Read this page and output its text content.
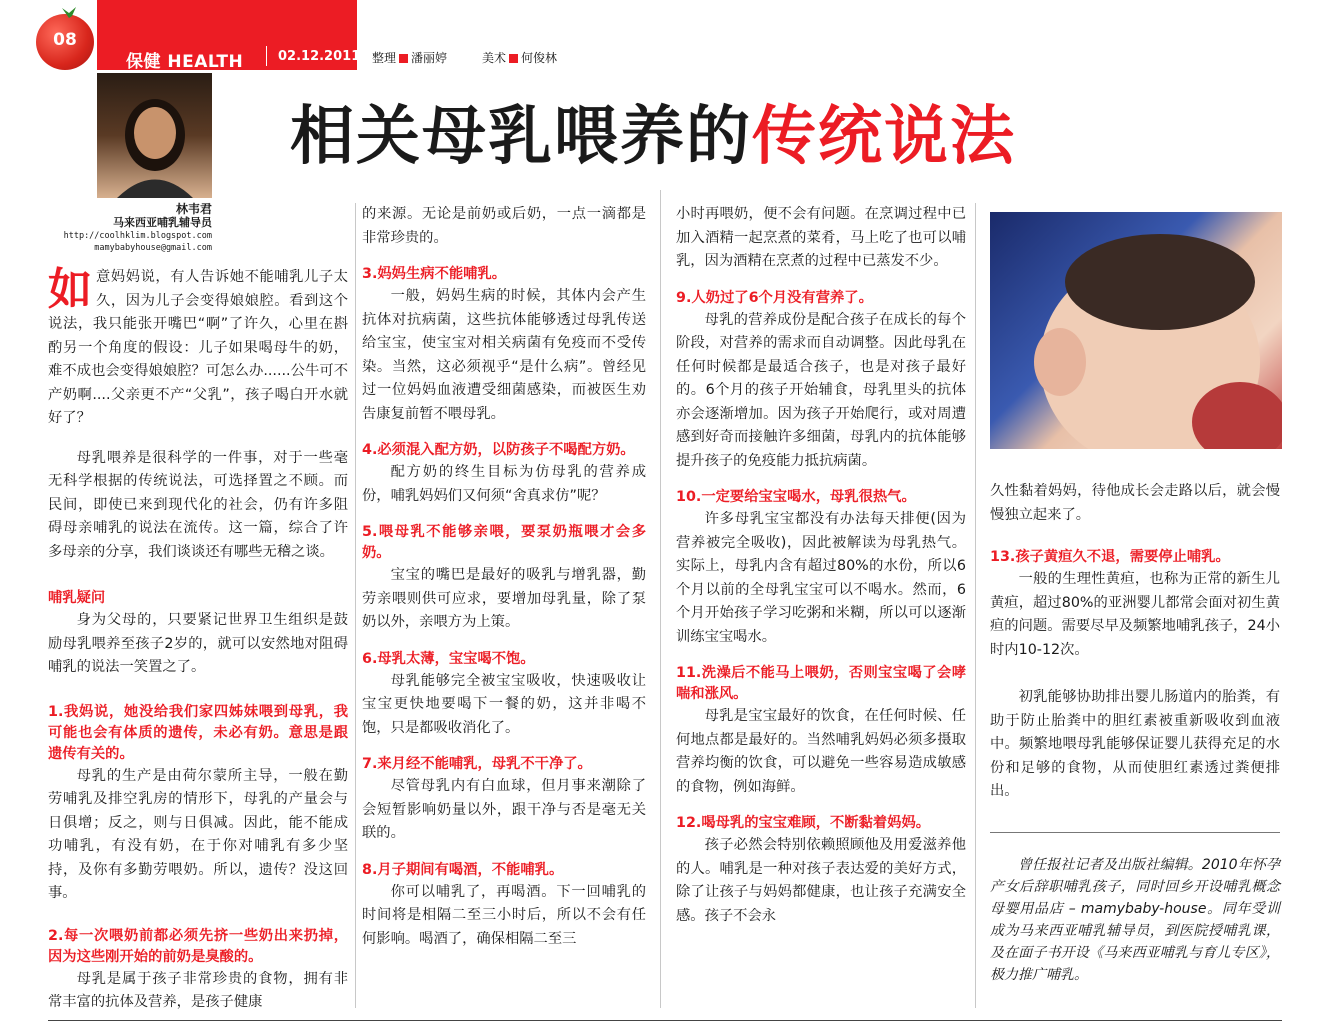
08
保健 HEALTH	02.12.2011 整理 潘丽婷	美术 何俊林
林韦君
马来西亚哺乳辅导员
http://coolhklim.blogspot.com
mamybabyhouse@gmail.com
相关母乳喂养的传统说法

如意妈妈说，有人告诉她不能哺乳儿子太久，因为儿子会变得娘娘腔。看到这个说法，我只能张开嘴巴“啊”了许久，心里在斟酌另一个角度的假设：儿子如果喝母牛的奶，难不成也会变得娘娘腔？可怎么办......公牛可不产奶啊....父亲更不产“父乳”，孩子喝白开水就好了？

母乳喂养是很科学的一件事，对于一些毫无科学根据的传统说法，可选择置之不顾。而民间，即使已来到现代化的社会，仍有许多阻碍母亲哺乳的说法在流传。这一篇，综合了许多母亲的分享，我们谈谈还有哪些无稽之谈。

哺乳疑问

身为父母的，只要紧记世界卫生组织是鼓励母乳喂养至孩子2岁的，就可以安然地对阻碍哺乳的说法一笑置之了。

1.我妈说，她没给我们家四姊妹喂到母乳，我可能也会有体质的遗传，未必有奶。意思是跟遗传有关的。

母乳的生产是由荷尔蒙所主导，一般在勤劳哺乳及排空乳房的情形下，母乳的产量会与日俱增；反之，则与日俱减。因此，能不能成功哺乳，有没有奶，在于你对哺乳有多少坚持，及你有多勤劳喂奶。所以，遗传？没这回事。

2.每一次喂奶前都必须先挤一些奶出来扔掉，因为这些刚开始的前奶是臭酸的。

母乳是属于孩子非常珍贵的食物，拥有非常丰富的抗体及营养，是孩子健康

的来源。无论是前奶或后奶，一点一滴都是非常珍贵的。

3.妈妈生病不能哺乳。

一般，妈妈生病的时候，其体内会产生抗体对抗病菌，这些抗体能够透过母乳传送给宝宝，使宝宝对相关病菌有免疫而不受传染。当然，这必须视乎“是什么病”。曾经见过一位妈妈血液遭受细菌感染，而被医生劝告康复前暂不喂母乳。

4.必须混入配方奶，以防孩子不喝配方奶。

配方奶的终生目标为仿母乳的营养成份，哺乳妈妈们又何须“舍真求仿”呢？

5.喂母乳不能够亲喂，要泵奶瓶喂才会多奶。

宝宝的嘴巴是最好的吸乳与增乳器，勤劳亲喂则供可应求，要增加母乳量，除了泵奶以外，亲喂方为上策。

6.母乳太薄，宝宝喝不饱。

母乳能够完全被宝宝吸收，快速吸收让宝宝更快地要喝下一餐的奶，这并非喝不饱，只是都吸收消化了。

7.来月经不能哺乳，母乳不干净了。

尽管母乳内有白血球，但月事来潮除了会短暂影响奶量以外，跟干净与否是毫无关联的。

8.月子期间有喝酒，不能哺乳。

你可以哺乳了，再喝酒。下一回哺乳的时间将是相隔二至三小时后，所以不会有任何影响。喝酒了，确保相隔二至三

小时再喂奶，便不会有问题。在烹调过程中已加入酒精一起烹煮的菜肴，马上吃了也可以哺乳，因为酒精在烹煮的过程中已蒸发不少。

9.人奶过了6个月没有营养了。

母乳的营养成份是配合孩子在成长的每个阶段，对营养的需求而自动调整。因此母乳在任何时候都是最适合孩子，也是对孩子最好的。6个月的孩子开始辅食，母乳里头的抗体亦会逐渐增加。因为孩子开始爬行，或对周遭感到好奇而接触许多细菌，母乳内的抗体能够提升孩子的免疫能力抵抗病菌。

10.一定要给宝宝喝水，母乳很热气。

许多母乳宝宝都没有办法每天排便(因为营养被完全吸收)，因此被解读为母乳热气。实际上，母乳内含有超过80%的水份，所以6个月以前的全母乳宝宝可以不喝水。然而，6个月开始孩子学习吃粥和米糊，所以可以逐渐训练宝宝喝水。

11.洗澡后不能马上喂奶，否则宝宝喝了会哮喘和涨风。

母乳是宝宝最好的饮食，在任何时候、任何地点都是最好的。当然哺乳妈妈必须多摄取营养均衡的饮食，可以避免一些容易造成敏感的食物，例如海鲜。

12.喝母乳的宝宝难顾，不断黏着妈妈。

孩子必然会特别依赖照顾他及用爱滋养他的人。哺乳是一种对孩子表达爱的美好方式，除了让孩子与妈妈都健康，也让孩子充满安全感。孩子不会永

久性黏着妈妈，待他成长会走路以后，就会慢慢独立起来了。

13.孩子黄疸久不退，需要停止哺乳。

一般的生理性黄疸，也称为正常的新生儿黄疸，超过80%的亚洲婴儿都常会面对初生黄疸的问题。需要尽早及频繁地哺乳孩子，24小时内10-12次。

初乳能够协助排出婴儿肠道内的胎粪，有助于防止胎粪中的胆红素被重新吸收到血液中。频繁地喂母乳能够保证婴儿获得充足的水份和足够的食物，从而使胆红素透过粪便排出。

曾任报社记者及出版社编辑。2010年怀孕产女后辞职哺乳孩子，同时回乡开设哺乳概念母婴用品店 – mamybaby-house。同年受训成为马来西亚哺乳辅导员，到医院授哺乳课，及在面子书开设《马来西亚哺乳与育儿专区》，极力推广哺乳。
